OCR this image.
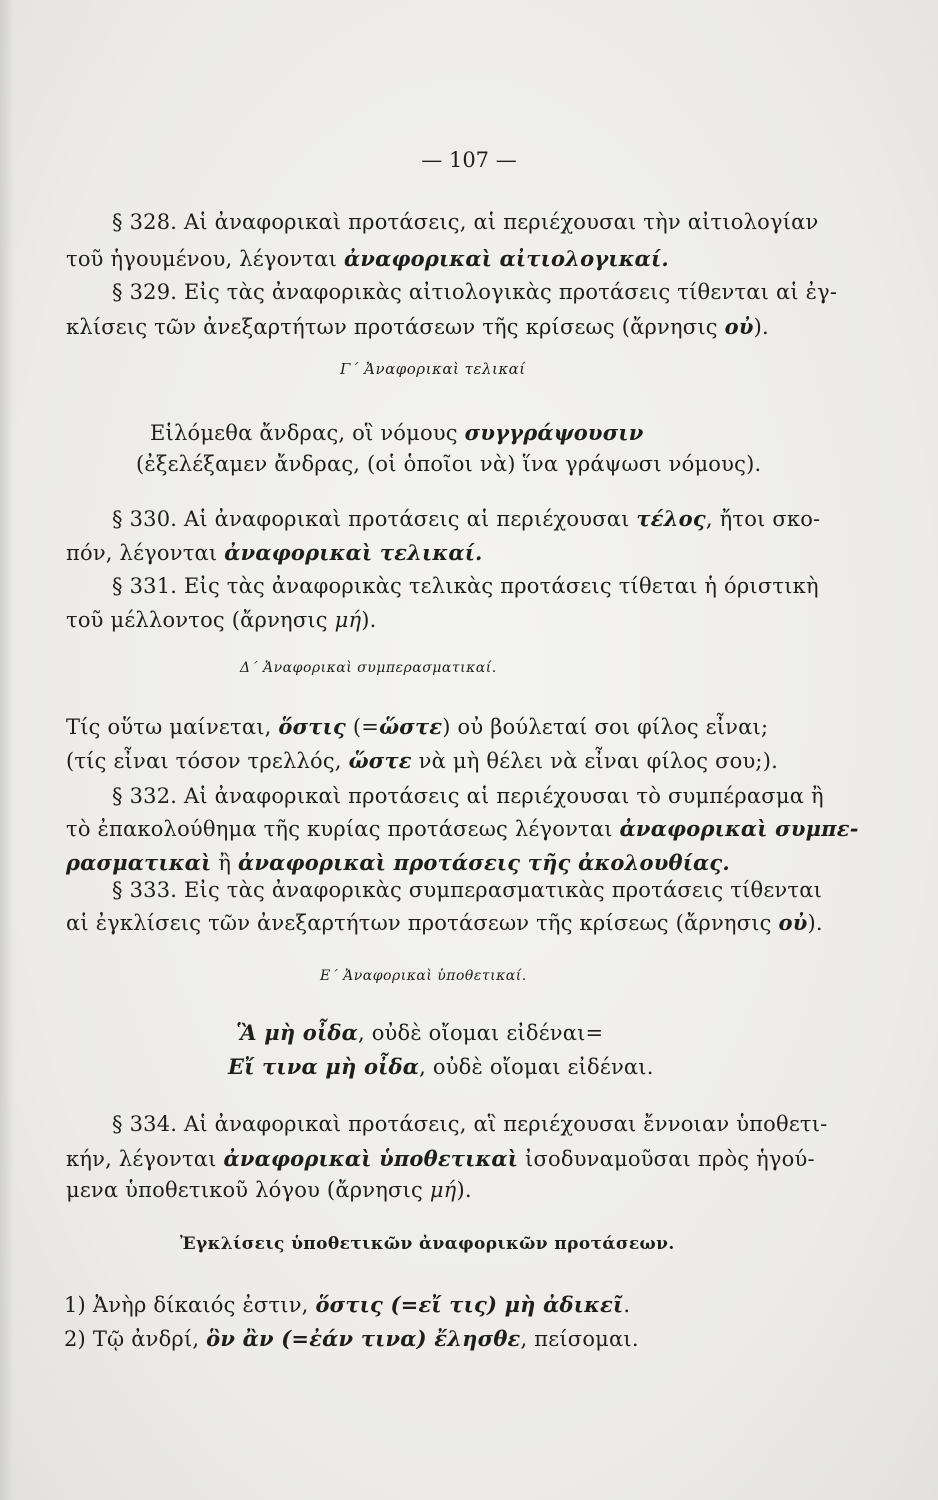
— 107 —
§ 328. Αἱ ἀναφορικαὶ προτάσεις, αἱ περιέχουσαι τὴν αἰτιολογίαν
τοῦ ἡγουμένου, λέγονται ἀναφορικαὶ αἰτιολογικαί.
§ 329. Εἰς τὰς ἀναφορικὰς αἰτιολογικὰς προτάσεις τίθενται αἱ ἐγ-
κλίσεις τῶν ἀνεξαρτήτων προτάσεων τῆς κρίσεως (ἄρνησις οὐ).
Γ΄ Ἀναφορικαὶ τελικαί
Εἱλόμεθα ἄνδρας, οἳ νόμους συγγράψουσιν
(ἐξελέξαμεν ἄνδρας, (οἱ ὁποῖοι νὰ) ἵνα γράψωσι νόμους).
§ 330. Αἱ ἀναφορικαὶ προτάσεις αἱ περιέχουσαι τέλος, ἤτοι σκο-
πόν, λέγονται ἀναφορικαὶ τελικαί.
§ 331. Εἰς τὰς ἀναφορικὰς τελικὰς προτάσεις τίθεται ἡ όριστικὴ
τοῦ μέλλοντος (ἄρνησις μή).
Δ΄ Ἀναφορικαὶ συμπερασματικαί.
Τίς οὕτω μαίνεται, ὅστις (=ὥστε) οὐ βούλεταί σοι φίλος εἶναι;
(τίς εἶναι τόσον τρελλός, ὥστε νὰ μὴ θέλει νὰ εἶναι φίλος σου;).
§ 332. Αἱ ἀναφορικαὶ προτάσεις αἱ περιέχουσαι τὸ συμπέρασμα ἢ
τὸ ἐπακολούθημα τῆς κυρίας προτάσεως λέγονται ἀναφορικαὶ συμπε-
ρασματικαὶ ἢ ἀναφορικαὶ προτάσεις τῆς ἀκολουθίας.
§ 333. Εἰς τὰς ἀναφορικὰς συμπερασματικὰς προτάσεις τίθενται
αἱ ἐγκλίσεις τῶν ἀνεξαρτήτων προτάσεων τῆς κρίσεως (ἄρνησις οὐ).
Ε΄ Ἀναφορικαὶ ὑποθετικαί.
Ἃ μὴ οἶδα, οὐδὲ οἴομαι εἰδέναι=
Εἴ τινα μὴ οἶδα, οὐδὲ οἴομαι εἰδέναι.
§ 334. Αἱ ἀναφορικαὶ προτάσεις, αἳ περιέχουσαι ἔννοιαν ὑποθετι-
κήν, λέγονται ἀναφορικαὶ ὑποθετικαὶ ἰσοδυναμοῦσαι πρὸς ἡγού-
μενα ὑποθετικοῦ λόγου (ἄρνησις μή).
Ἐγκλίσεις ὑποθετικῶν ἀναφορικῶν προτάσεων.
1) Ἀνὴρ δίκαιός ἐστιν, ὅστις (=εἴ τις) μὴ ἀδικεῖ.
2) Τῷ ἀνδρί, ὃν ἂν (=ἐάν τινα) ἔλησθε, πείσομαι.
